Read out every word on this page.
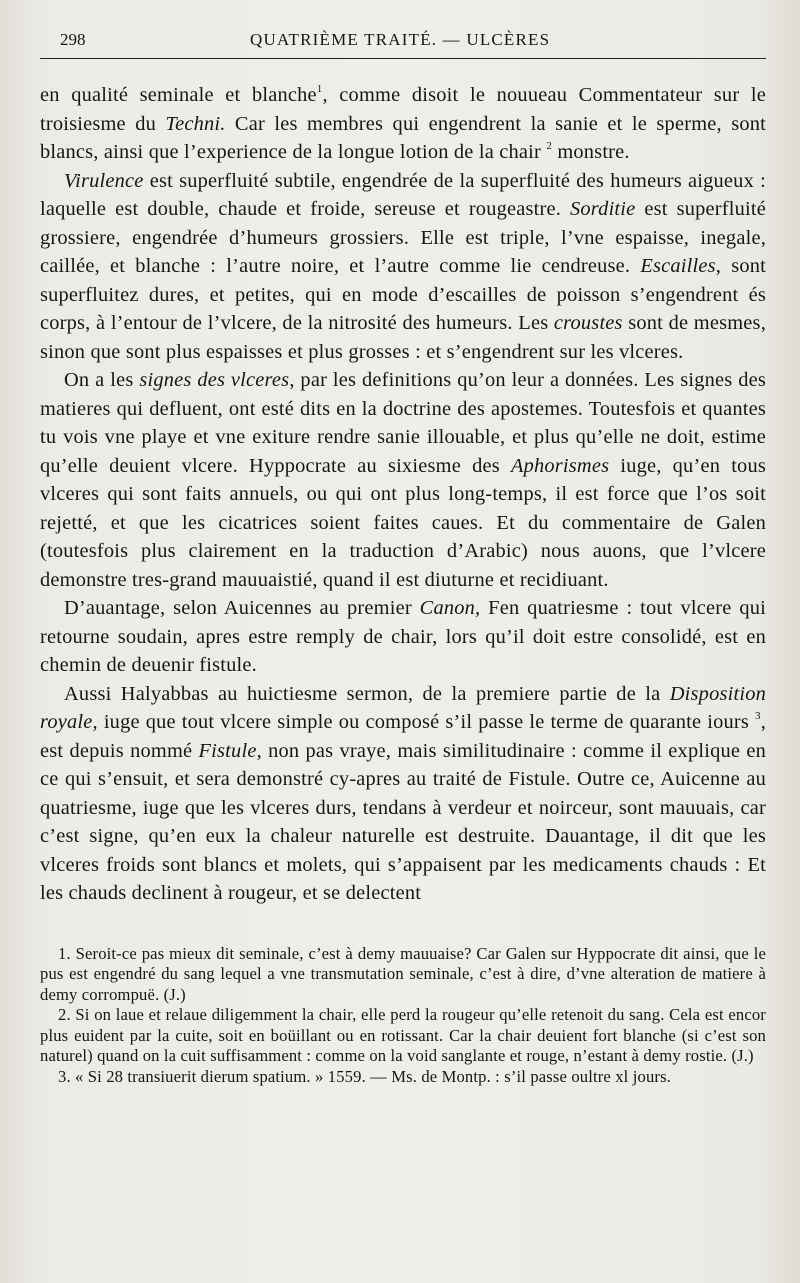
298	QUATRIÈME TRAITÉ. — ULCÈRES

en qualité seminale et blanche$^1$, comme disoit le nouueau Commentateur sur le troisiesme du Techni. Car les membres qui engendrent la sanie et le sperme, sont blancs, ainsi que l’experience de la longue lotion de la chair $^2$ monstre.

Virulence est superfluité subtile, engendrée de la superfluité des humeurs aigueux : laquelle est double, chaude et froide, sereuse et rougeastre. Sorditie est superfluité grossiere, engendrée d’humeurs grossiers. Elle est triple, l’vne espaisse, inegale, caillée, et blanche : l’autre noire, et l’autre comme lie cendreuse. Escailles, sont superfluitez dures, et petites, qui en mode d’escailles de poisson s’engendrent és corps, à l’entour de l’vlcere, de la nitrosité des humeurs. Les croustes sont de mesmes, sinon que sont plus espaisses et plus grosses : et s’engendrent sur les vlceres.

On a les signes des vlceres, par les definitions qu’on leur a données. Les signes des matieres qui defluent, ont esté dits en la doctrine des apostemes. Toutesfois et quantes tu vois vne playe et vne exiture rendre sanie illouable, et plus qu’elle ne doit, estime qu’elle deuient vlcere. Hyppocrate au sixiesme des Aphorismes iuge, qu’en tous vlceres qui sont faits annuels, ou qui ont plus long-temps, il est force que l’os soit rejetté, et que les cicatrices soient faites caues. Et du commentaire de Galen (toutesfois plus clairement en la traduction d’Arabic) nous auons, que l’vlcere demonstre tres-grand mauuaistié, quand il est diuturne et recidiuant.

D’auantage, selon Auicennes au premier Canon, Fen quatriesme : tout vlcere qui retourne soudain, apres estre remply de chair, lors qu’il doit estre consolidé, est en chemin de deuenir fistule.

Aussi Halyabbas au huictiesme sermon, de la premiere partie de la Disposition royale, iuge que tout vlcere simple ou composé s’il passe le terme de quarante iours $^3$, est depuis nommé Fistule, non pas vraye, mais similitudinaire : comme il explique en ce qui s’ensuit, et sera demonstré cy-apres au traité de Fistule. Outre ce, Auicenne au quatriesme, iuge que les vlceres durs, tendans à verdeur et noirceur, sont mauuais, car c’est signe, qu’en eux la chaleur naturelle est destruite. Dauantage, il dit que les vlceres froids sont blancs et molets, qui s’appaisent par les medicaments chauds : Et les chauds declinent à rougeur, et se delectent

1. Seroit-ce pas mieux dit seminale, c’est à demy mauuaise? Car Galen sur Hyppocrate dit ainsi, que le pus est engendré du sang lequel a vne transmutation seminale, c’est à dire, d’vne alteration de matiere à demy corrompuë. (J.)

2. Si on laue et relaue diligemment la chair, elle perd la rougeur qu’elle retenoit du sang. Cela est encor plus euident par la cuite, soit en boüillant ou en rotissant. Car la chair deuient fort blanche (si c’est son naturel) quand on la cuit suffisamment : comme on la void sanglante et rouge, n’estant à demy rostie. (J.)

3. « Si 28 transiuerit dierum spatium. » 1559. — Ms. de Montp. : s’il passe oultre xl jours.
